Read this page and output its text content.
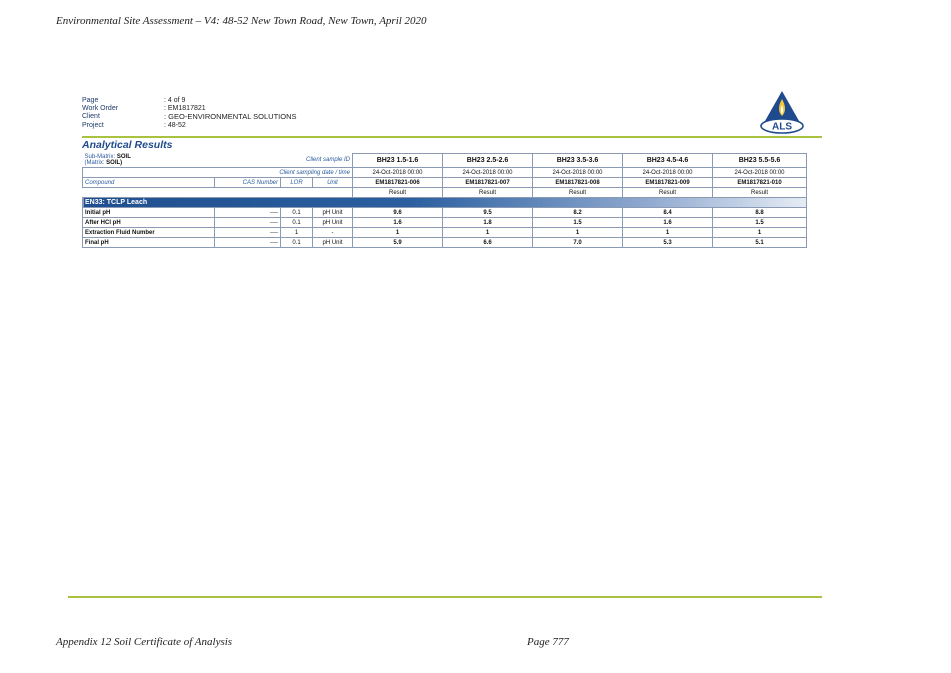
Environmental Site Assessment – V4: 48-52 New Town Road, New Town, April 2020
Page	: 4 of 9
Work Order	: EM1817821
Client	: GEO-ENVIRONMENTAL SOLUTIONS
Project	: 48-52	ALS
Analytical Results
Sub-Matrix: SOIL
(Matrix: SOIL)		Client sample ID		BH23 1.5-1.6	BH23 2.5-2.6	BH23 3.5-3.6	BH23 4.5-4.6	BH23 5.5-5.6
Client sampling date / time				24-Oct-2018 00:00	24-Oct-2018 00:00	24-Oct-2018 00:00	24-Oct-2018 00:00	24-Oct-2018 00:00
Compound	CAS Number	LOR	Unit	EM1817821-006	EM1817821-007	EM1817821-008	EM1817821-009	EM1817821-010
				Result	Result	Result	Result	Result
EN33: TCLP Leach								
Initial pH	----	0.1	pH Unit	9.6	9.5	8.2	8.4	8.8
After HCl pH	----	0.1	pH Unit	1.6	1.8	1.5	1.6	1.5
Extraction Fluid Number	----	1	-	1	1	1	1	1
Final pH	----	0.1	pH Unit	5.9	6.6	7.0	5.3	5.1
Appendix 12 Soil Certificate of Analysis	Page 777
